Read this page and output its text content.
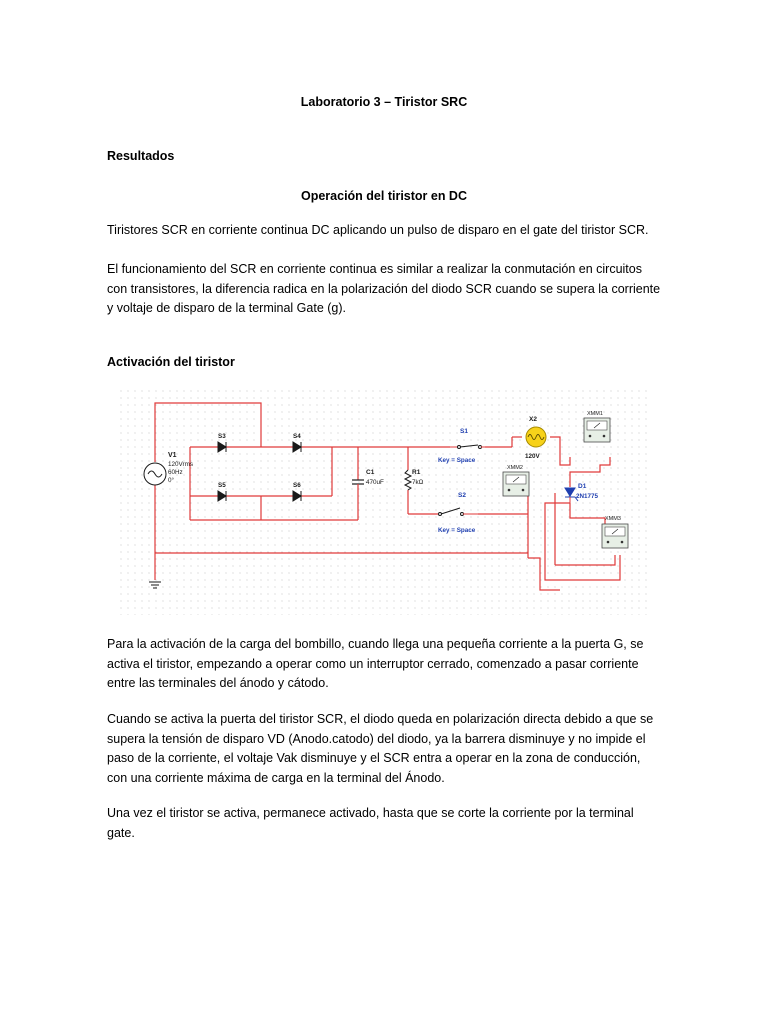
Laboratorio 3 – Tiristor SRC

Resultados

Operación del tiristor en DC

Tiristores SCR en corriente continua DC aplicando un pulso de disparo en el gate del tiristor SCR.

El funcionamiento del SCR en corriente continua es similar a realizar la conmutación en circuitos
con transistores, la diferencia radica en la polarización del diodo SCR cuando se supera la corriente
y voltaje de disparo de la terminal Gate (g).

Activación del tiristor

V1
120Vrms
60Hz
0°
S3	S4
S5	S6
C1
470uF
R1
7kΩ
S1
Key = Space
S2
Key = Space
X2
120V
XMM1
XMM2
XMM3
D1
2N1775
Para la activación de la carga del bombillo, cuando llega una pequeña corriente a la puerta G, se
activa el tiristor, empezando a operar como un interruptor cerrado, comenzado a pasar corriente
entre las terminales del ánodo y cátodo.
Cuando se activa la puerta del tiristor SCR, el diodo queda en polarización directa debido a que se
supera la tensión de disparo VD (Anodo.catodo) del diodo, ya la barrera disminuye y no impide el
paso de la corriente, el voltaje Vak disminuye y el SCR entra a operar en la zona de conducción,
con una corriente máxima de carga en la terminal del Ánodo.
Una vez el tiristor se activa, permanece activado, hasta que se corte la corriente por la terminal
gate.
